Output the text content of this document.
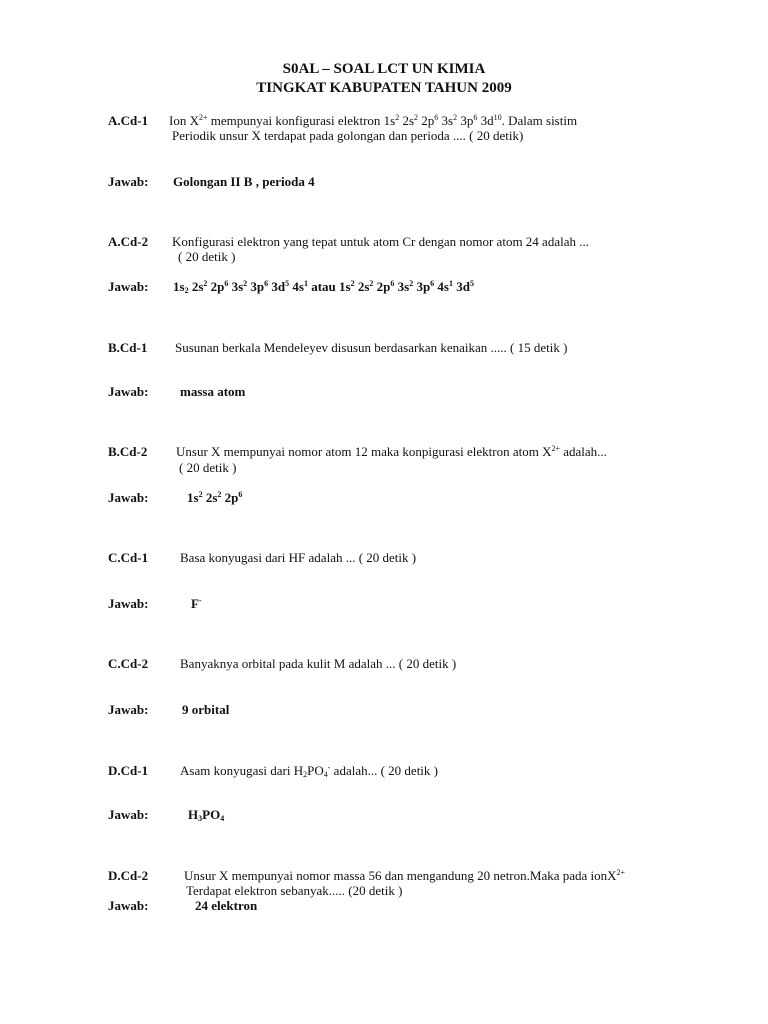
S0AL – SOAL LCT UN KIMIA
TINGKAT KABUPATEN TAHUN 2009
A.Cd-1 Ion $X^{2+}$ mempunyai konfigurasi elektron $1s^2$ $2s^2$ $2p^6$ $3s^2$ $3p^6$ $3d^{10}$. Dalam sistim
Periodik unsur X terdapat pada golongan dan perioda .... ( 20 detik)
Jawab: Golongan II B , perioda 4
A.Cd-2 Konfigurasi elektron yang tepat untuk atom Cr dengan nomor atom 24 adalah ...
( 20 detik )
Jawab: $1s_2$ $2s^2$ $2p^6$ $3s^2$ $3p^6$ $3d^5$ $4s^1$ atau $1s^2$ $2s^2$ $2p^6$ $3s^2$ $3p^6$ $4s^1$ $3d^5$
B.Cd-1 Susunan berkala Mendeleyev disusun berdasarkan kenaikan ..... ( 15 detik )
Jawab: massa atom
B.Cd-2 Unsur X mempunyai nomor atom 12 maka konpigurasi elektron atom $X^{2+}$ adalah...
( 20 detik )
Jawab:	$1s^2$ $2s^2$ $2p^6$
C.Cd-1 Basa konyugasi dari HF adalah ... ( 20 detik )
Jawab:	F-
C.Cd-2 Banyaknya orbital pada kulit M adalah ... ( 20 detik )
Jawab:	9 orbital
D.Cd-1 Asam konyugasi dari $H_2PO_4^-$ adalah... ( 20 detik )
Jawab:	$H_3PO_4$
D.Cd-2	Unsur X mempunyai nomor massa 56 dan mengandung 20 netron.Maka pada ionX$^{2+}$
Terdapat elektron sebanyak..... (20 detik )
Jawab:	24 elektron
